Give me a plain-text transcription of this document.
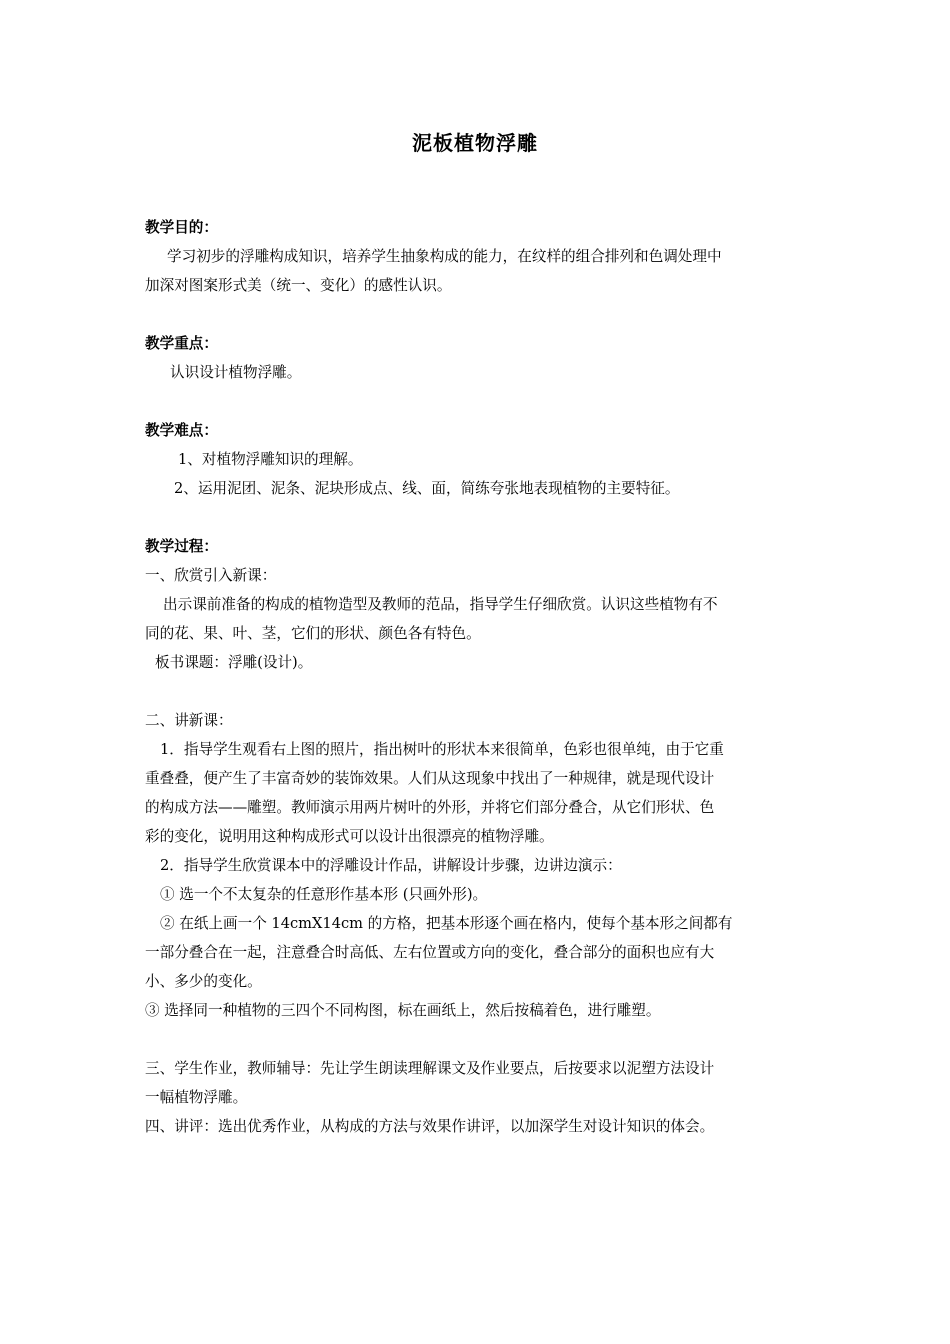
泥板植物浮雕
教学目的：
学习初步的浮雕构成知识，培养学生抽象构成的能力，在纹样的组合排列和色调处理中
加深对图案形式美（统一、变化）的感性认识。
教学重点：
认识设计植物浮雕。
教学难点：
1、对植物浮雕知识的理解。
2、运用泥团、泥条、泥块形成点、线、面，简练夸张地表现植物的主要特征。
教学过程：
一、欣赏引入新课：
出示课前准备的构成的植物造型及教师的范品，指导学生仔细欣赏。认识这些植物有不
同的花、果、叶、茎，它们的形状、颜色各有特色。
板书课题：浮雕(设计)。
二、讲新课：
1．指导学生观看右上图的照片，指出树叶的形状本来很简单，色彩也很单纯，由于它重
重叠叠，便产生了丰富奇妙的装饰效果。人们从这现象中找出了一种规律，就是现代设计
的构成方法——雕塑。教师演示用两片树叶的外形，并将它们部分叠合，从它们形状、色
彩的变化，说明用这种构成形式可以设计出很漂亮的植物浮雕。
2．指导学生欣赏课本中的浮雕设计作品，讲解设计步骤，边讲边演示：
① 选一个不太复杂的任意形作基本形 (只画外形)。
② 在纸上画一个 14cmX14cm 的方格，把基本形逐个画在格内，使每个基本形之间都有
一部分叠合在一起，注意叠合时高低、左右位置或方向的变化，叠合部分的面积也应有大
小、多少的变化。
③ 选择同一种植物的三四个不同构图，标在画纸上，然后按稿着色，进行雕塑。
三、学生作业，教师辅导：先让学生朗读理解课文及作业要点，后按要求以泥塑方法设计
一幅植物浮雕。
四、讲评：选出优秀作业，从构成的方法与效果作讲评，以加深学生对设计知识的体会。
